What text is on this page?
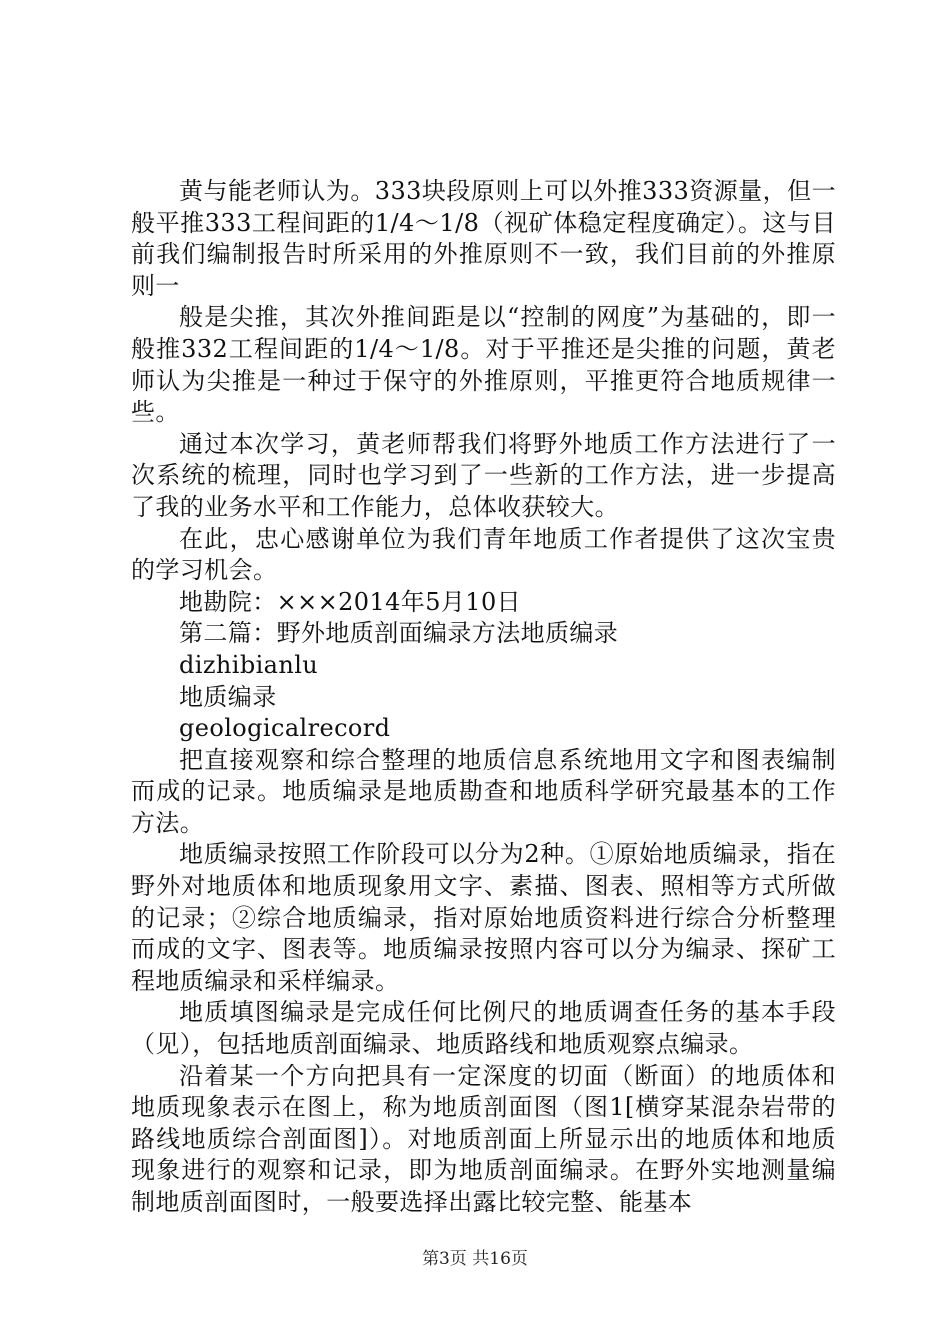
黄与能老师认为。333块段原则上可以外推333资源量，但一般平推333工程间距的1/4～1/8（视矿体稳定程度确定）。这与目前我们编制报告时所采用的外推原则不一致，我们目前的外推原则一

般是尖推，其次外推间距是以“控制的网度”为基础的，即一般推332工程间距的1/4～1/8。对于平推还是尖推的问题，黄老师认为尖推是一种过于保守的外推原则，平推更符合地质规律一些。

通过本次学习，黄老师帮我们将野外地质工作方法进行了一次系统的梳理，同时也学习到了一些新的工作方法，进一步提高了我的业务水平和工作能力，总体收获较大。

在此，忠心感谢单位为我们青年地质工作者提供了这次宝贵的学习机会。

地勘院：×××2014年5月10日

第二篇：野外地质剖面编录方法地质编录

dizhibianlu

地质编录

geologicalrecord

把直接观察和综合整理的地质信息系统地用文字和图表编制而成的记录。地质编录是地质勘查和地质科学研究最基本的工作方法。

地质编录按照工作阶段可以分为2种。①原始地质编录，指在野外对地质体和地质现象用文字、素描、图表、照相等方式所做的记录；②综合地质编录，指对原始地质资料进行综合分析整理而成的文字、图表等。地质编录按照内容可以分为编录、探矿工程地质编录和采样编录。

地质填图编录是完成任何比例尺的地质调查任务的基本手段（见），包括地质剖面编录、地质路线和地质观察点编录。

沿着某一个方向把具有一定深度的切面（断面）的地质体和地质现象表示在图上，称为地质剖面图（图1[横穿某混杂岩带的路线地质综合剖面图]）。对地质剖面上所显示出的地质体和地质现象进行的观察和记录，即为地质剖面编录。在野外实地测量编制地质剖面图时，一般要选择出露比较完整、能基本

第3页 共16页
